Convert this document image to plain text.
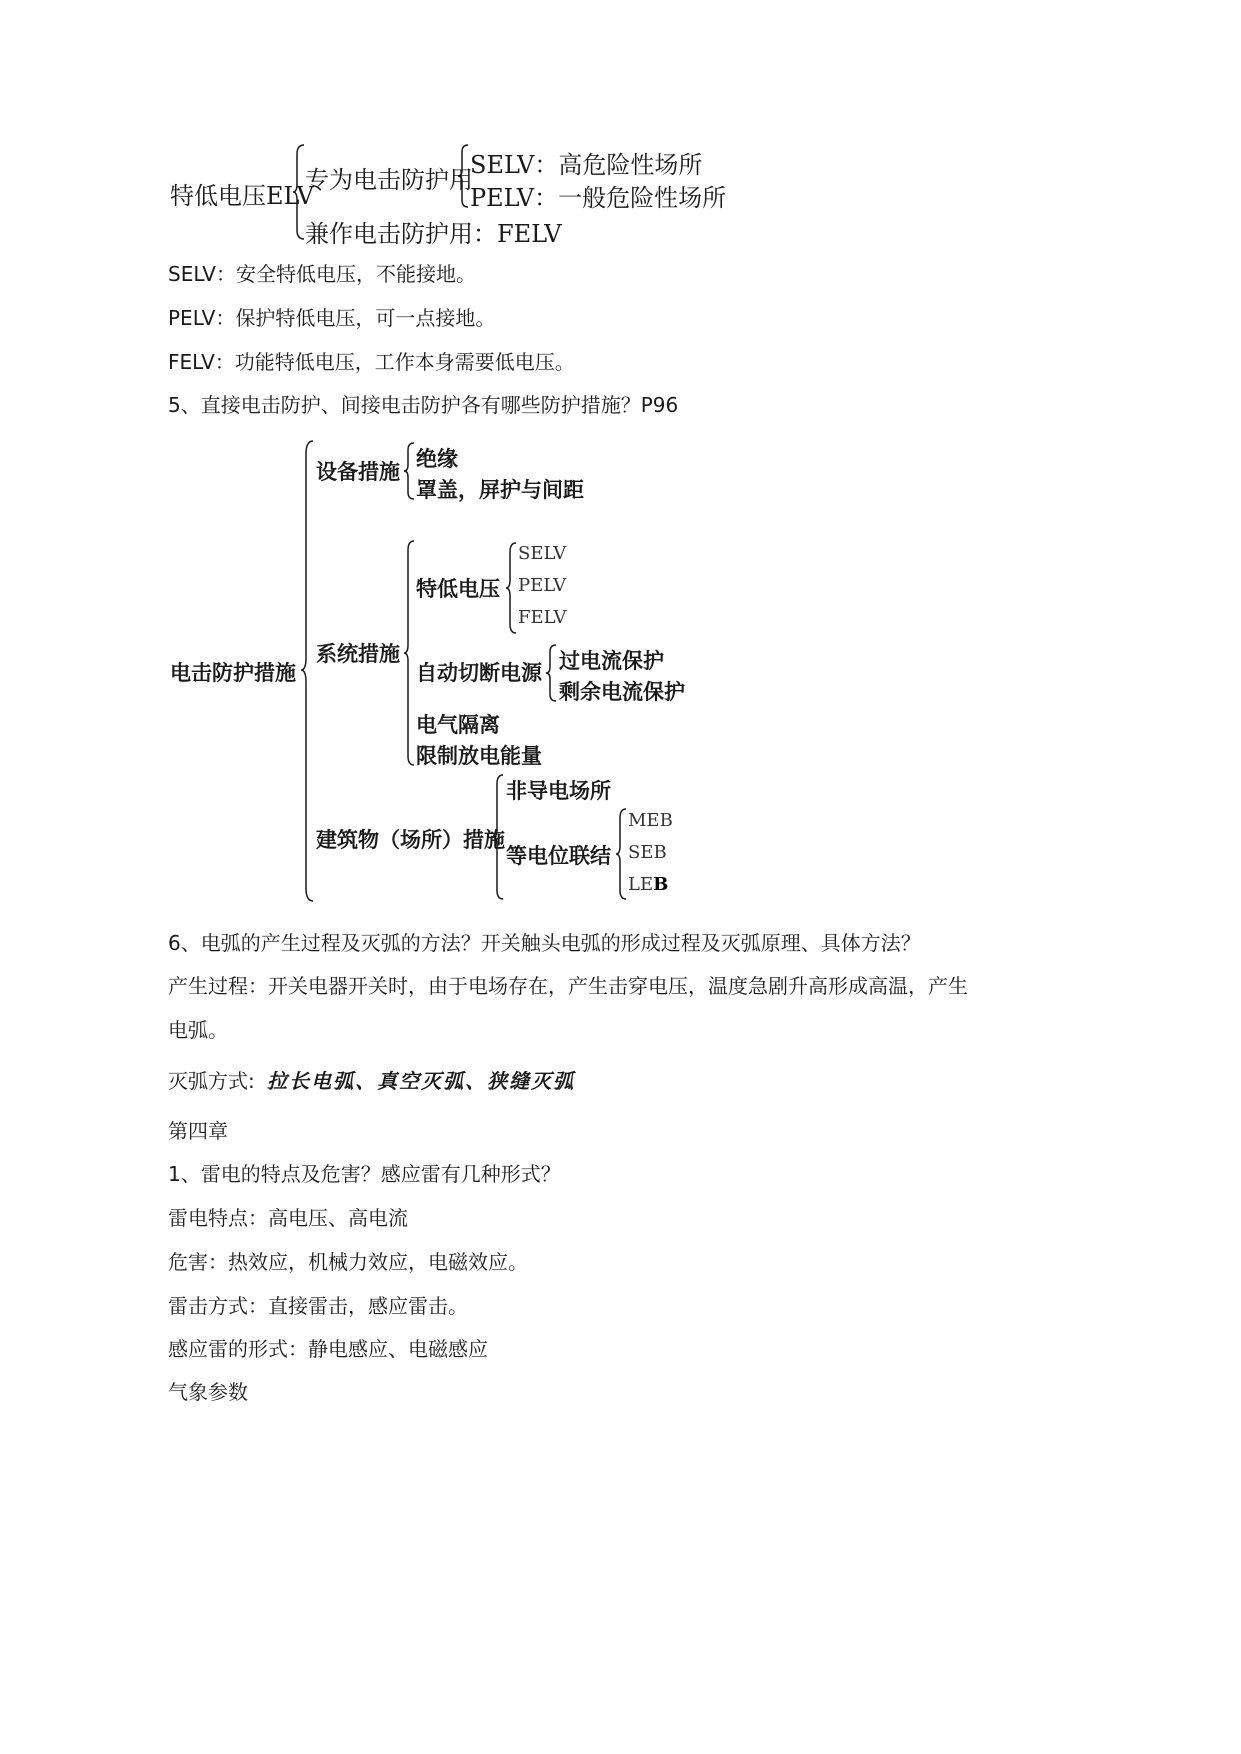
特低电压ELV
专为电击防护用
SELV：高危险性场所
PELV：一般危险性场所
兼作电击防护用：FELV
SELV：安全特低电压，不能接地。
PELV：保护特低电压，可一点接地。
FELV：功能特低电压，工作本身需要低电压。
5、直接电击防护、间接电击防护各有哪些防护措施？P96
电击防护措施
设备措施
绝缘
罩盖，屏护与间距
系统措施
特低电压
SELV
PELV
FELV
自动切断电源 过电流保护
剩余电流保护
电气隔离
限制放电能量
建筑物（场所）措施
非导电场所
等电位联结
MEB
SEB
LEB
6、电弧的产生过程及灭弧的方法？开关触头电弧的形成过程及灭弧原理、具体方法？
产生过程：开关电器开关时，由于电场存在，产生击穿电压，温度急剧升高形成高温，产生
电弧。
灭弧方式: 拉长电弧、真空灭弧、狭缝灭弧
第四章
1、雷电的特点及危害？感应雷有几种形式？
雷电特点：高电压、高电流
危害：热效应，机械力效应，电磁效应。
雷击方式：直接雷击，感应雷击。
感应雷的形式：静电感应、电磁感应
气象参数
